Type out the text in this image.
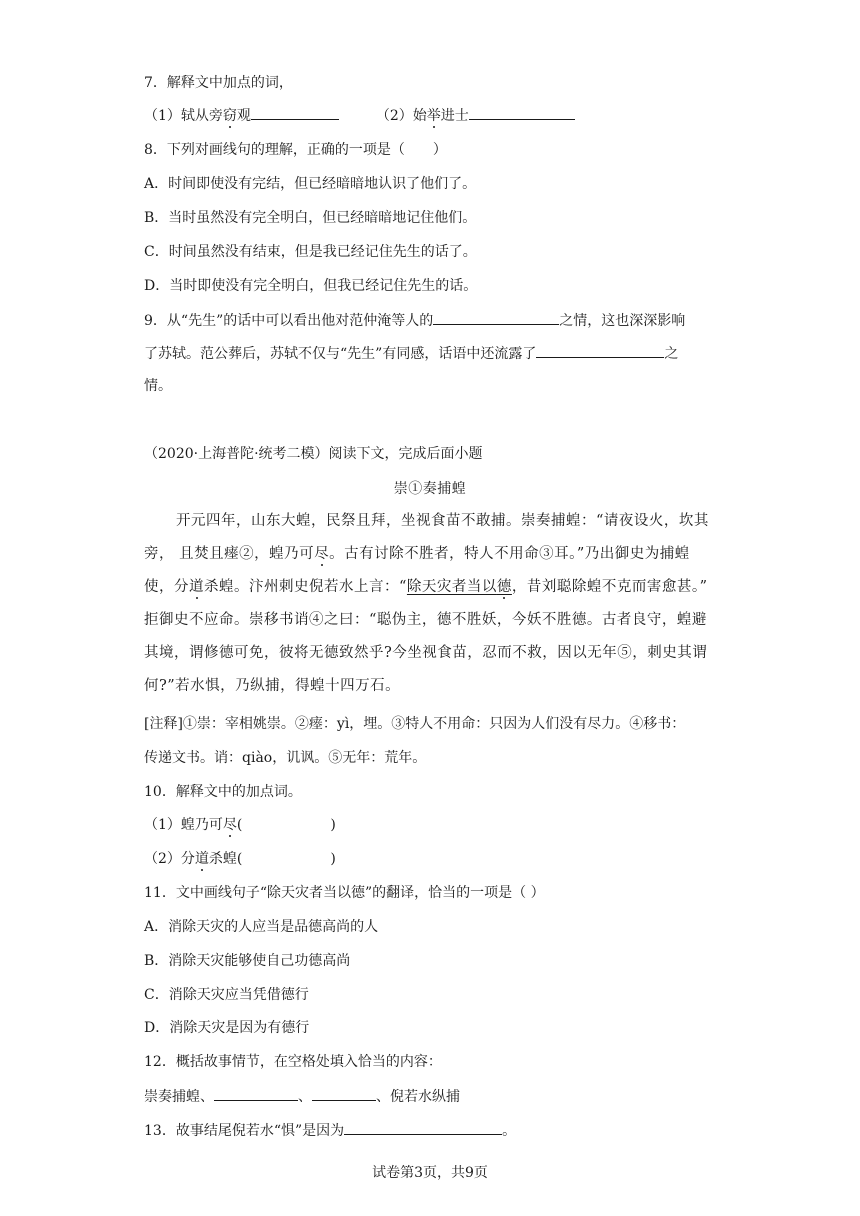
7．解释文中加点的词，
（1）轼从旁窃观	（2）始举进士
8．下列对画线句的理解，正确的一项是（　　）
A．时间即使没有完结，但已经暗暗地认识了他们了。
B．当时虽然没有完全明白，但已经暗暗地记住他们。
C．时间虽然没有结束，但是我已经记住先生的话了。
D．当时即使没有完全明白，但我已经记住先生的话。
9．从“先生”的话中可以看出他对范仲淹等人的	之情，这也深深影响
了苏轼。范公葬后，苏轼不仅与“先生”有同感，话语中还流露了	之
情。
（2020·上海普陀·统考二模）阅读下文，完成后面小题
崇①奏捕蝗
开元四年，山东大蝗，民祭且拜，坐视食苗不敢捕。崇奏捕蝗：“请夜设火，坎其
旁， 且焚且瘗②，蝗乃可尽。古有讨除不胜者，特人不用命③耳。”乃出御史为捕蝗
使，分道杀蝗。汴州刺史倪若水上言：“除天灾者当以德，昔刘聪除蝗不克而害愈甚。”
拒御史不应命。崇移书诮④之曰：“聪伪主，德不胜妖，今妖不胜德。古者良守，蝗避
其境，谓修德可免，彼将无德致然乎?今坐视食苗，忍而不救，因以无年⑤，刺史其谓
何?”若水惧，乃纵捕，得蝗十四万石。
[注释]①崇：宰相姚崇。②瘗：yì，埋。③特人不用命：只因为人们没有尽力。④移书：
传递文书。诮：qiào，讥讽。⑤无年：荒年。
10．解释文中的加点词。
（1）蝗乃可尽(	)
（2）分道杀蝗(	)
11．文中画线句子“除天灾者当以德”的翻译，恰当的一项是（ ）
A．消除天灾的人应当是品德高尚的人
B．消除天灾能够使自己功德高尚
C．消除天灾应当凭借德行
D．消除天灾是因为有德行
12．概括故事情节，在空格处填入恰当的内容：
崇奏捕蝗、	、	、倪若水纵捕
13．故事结尾倪若水“惧”是因为	。
试卷第3页，共9页
